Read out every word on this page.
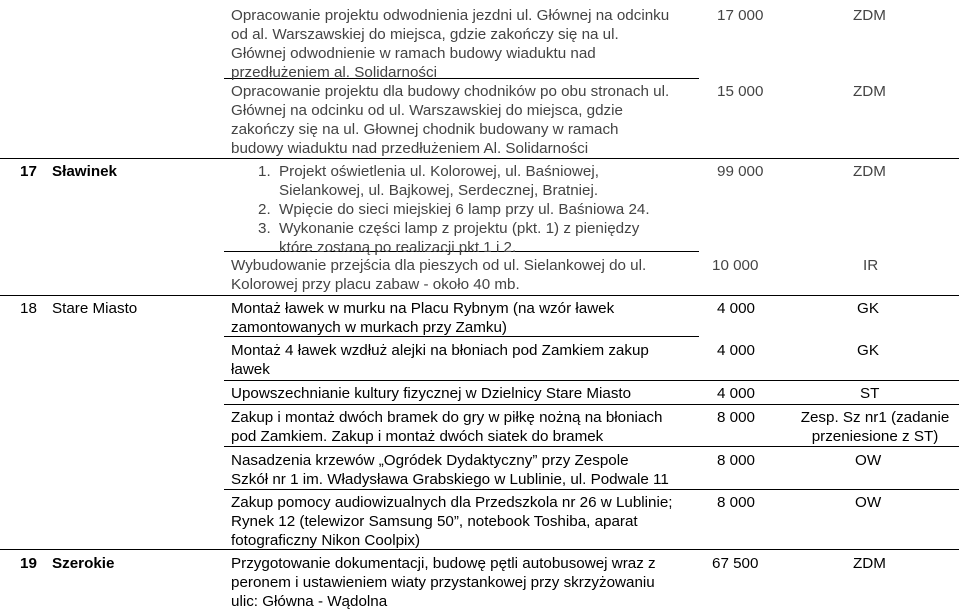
Opracowanie projektu odwodnienia jezdni ul. Głównej na odcinku
od al. Warszawskiej do miejsca, gdzie zakończy się na ul.
Głównej odwodnienie w ramach budowy wiaduktu nad
przedłużeniem al. Solidarności
17 000	ZDM
Opracowanie projektu dla budowy chodników po obu stronach ul.
Głównej na odcinku od ul. Warszawskiej do miejsca, gdzie
zakończy się na ul. Głownej chodnik budowany w ramach
budowy wiaduktu nad przedłużeniem Al. Solidarności
15 000	ZDM
17 Sławinek	1. Projekt oświetlenia ul. Kolorowej, ul. Baśniowej,
Sielankowej, ul. Bajkowej, Serdecznej, Bratniej.
2. Wpięcie do sieci miejskiej 6 lamp przy ul. Baśniowa 24.
3. Wykonanie części lamp z projektu (pkt. 1) z pieniędzy
które zostaną po realizacji pkt 1 i 2.
99 000	ZDM
Wybudowanie przejścia dla pieszych od ul. Sielankowej do ul.
Kolorowej przy placu zabaw - około 40 mb.
10 000	IR
18 Stare Miasto	Montaż ławek w murku na Placu Rybnym (na wzór ławek
zamontowanych w murkach przy Zamku)
4 000	GK
Montaż 4 ławek wzdłuż alejki na błoniach pod Zamkiem zakup
ławek
4 000	GK
Upowszechnianie kultury fizycznej w Dzielnicy Stare Miasto	4 000	ST
Zakup i montaż dwóch bramek do gry w piłkę nożną na błoniach
pod Zamkiem. Zakup i montaż dwóch siatek do bramek
8 000	Zesp. Sz nr1 (zadanie
przeniesione z ST)
Nasadzenia krzewów „Ogródek Dydaktyczny” przy Zespole
Szkół nr 1 im. Władysława Grabskiego w Lublinie, ul. Podwale 11
8 000	OW
Zakup pomocy audiowizualnych dla Przedszkola nr 26 w Lublinie;
Rynek 12 (telewizor Samsung 50”, notebook Toshiba, aparat
fotograficzny Nikon Coolpix)
8 000	OW
19 Szerokie	Przygotowanie dokumentacji, budowę pętli autobusowej wraz z
peronem i ustawieniem wiaty przystankowej przy skrzyżowaniu
ulic: Główna - Wądolna
67 500	ZDM
